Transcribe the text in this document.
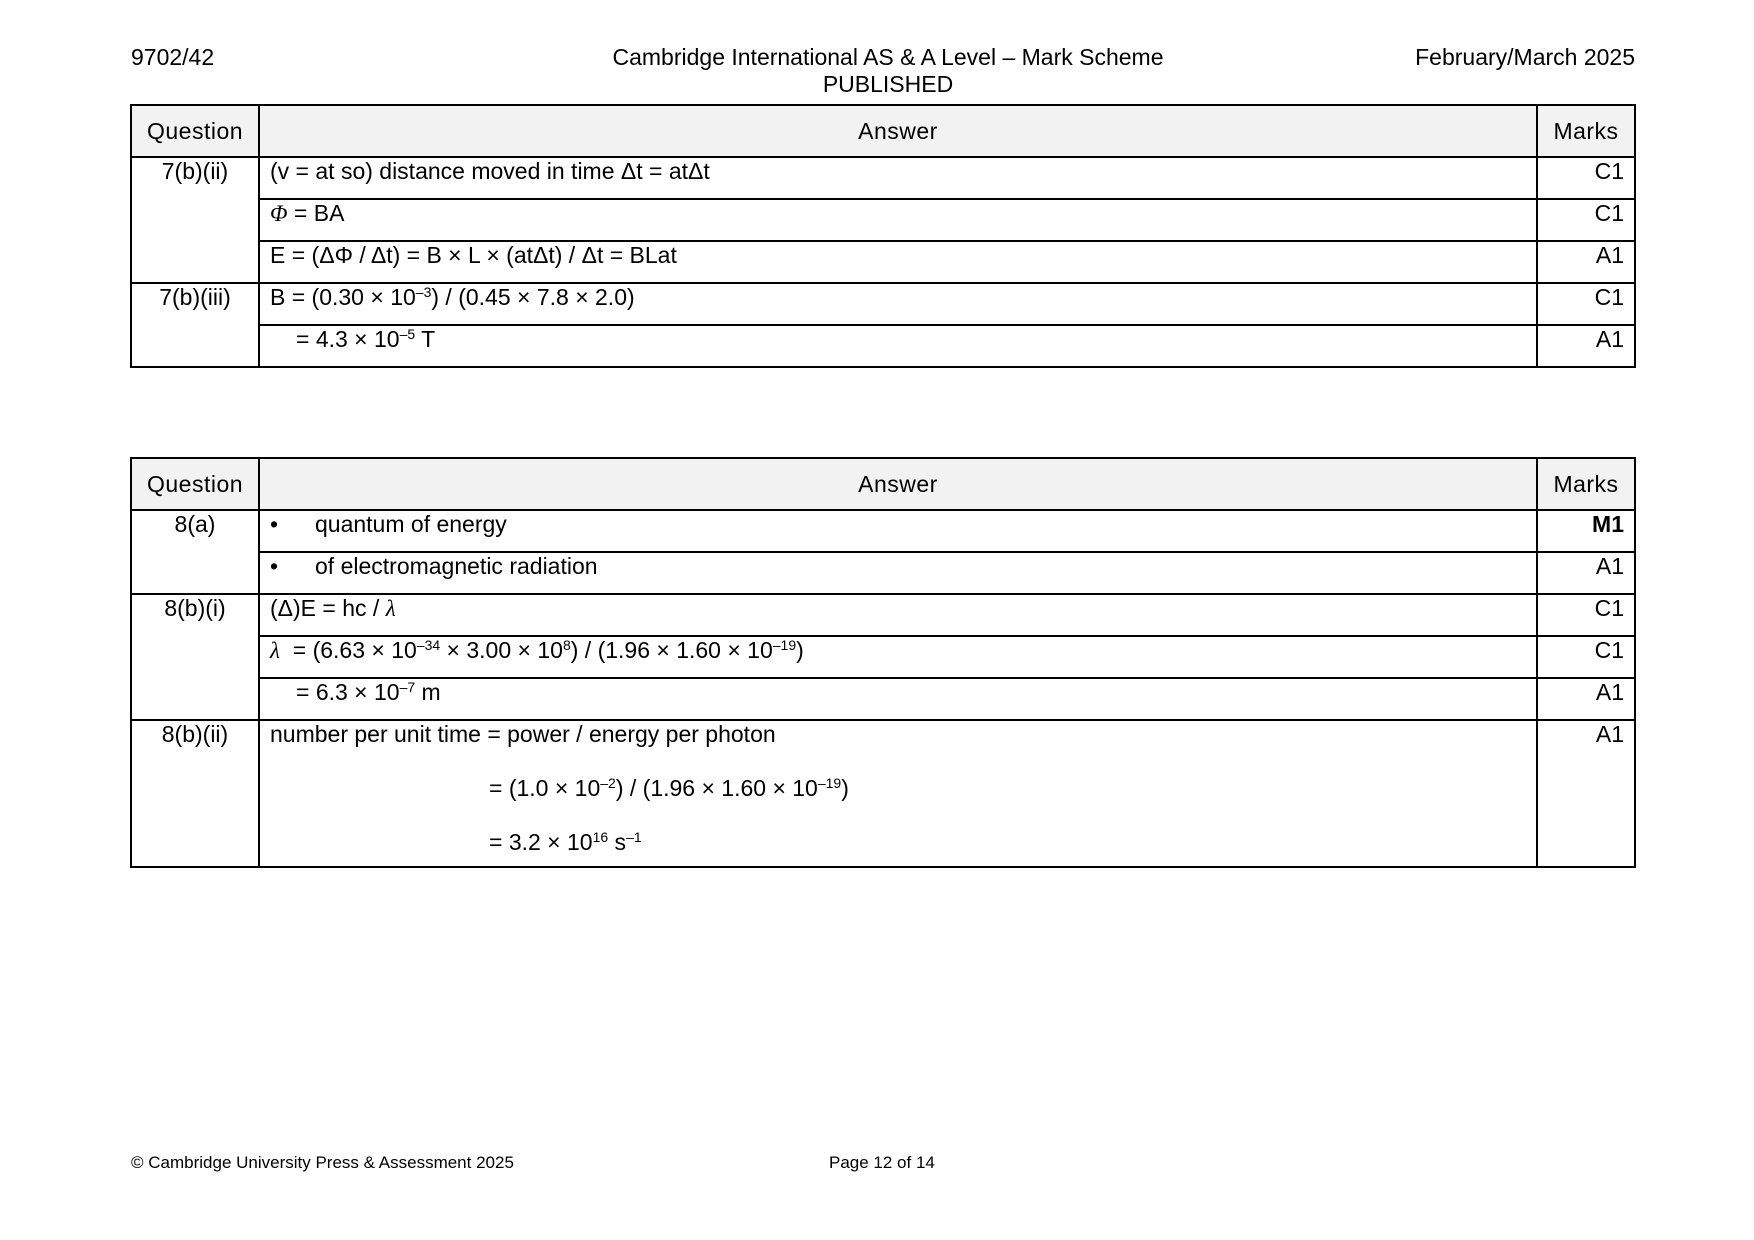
9702/42	Cambridge International AS & A Level – Mark Scheme
PUBLISHED
February/March 2025
Question	Answer	Marks
7(b)(ii)	(v = at so) distance moved in time Δt = atΔt	C1
	Φ = BA	C1
	E = (ΔΦ / Δt) = B × L × (atΔt) / Δt = BLat	A1
7(b)(iii)	$B = (0.30 \times 10^{-3}) / (0.45 \times 7.8 \times 2.0)$	C1
	= $4.3 \times 10^{-5}$ T	A1
Question	Answer	Marks
8(a)	• quantum of energy	M1
	• of electromagnetic radiation	A1
8(b)(i)	(Δ)E = hc / λ	C1
	$\lambda = (6.63 \times 10^{-34} \times 3.00 \times 10^8) / (1.96 \times 1.60 \times 10^{-19})$	C1
	= $6.3 \times 10^{-7}$ m	A1
8(b)(ii)	number per unit time = power / energy per photon
= $(1.0 \times 10^{-2}) / (1.96 \times 1.60 \times 10^{-19})$
= $3.2 \times 10^{16}$ $s^{-1}$	A1
© Cambridge University Press & Assessment 2025	Page 12 of 14
